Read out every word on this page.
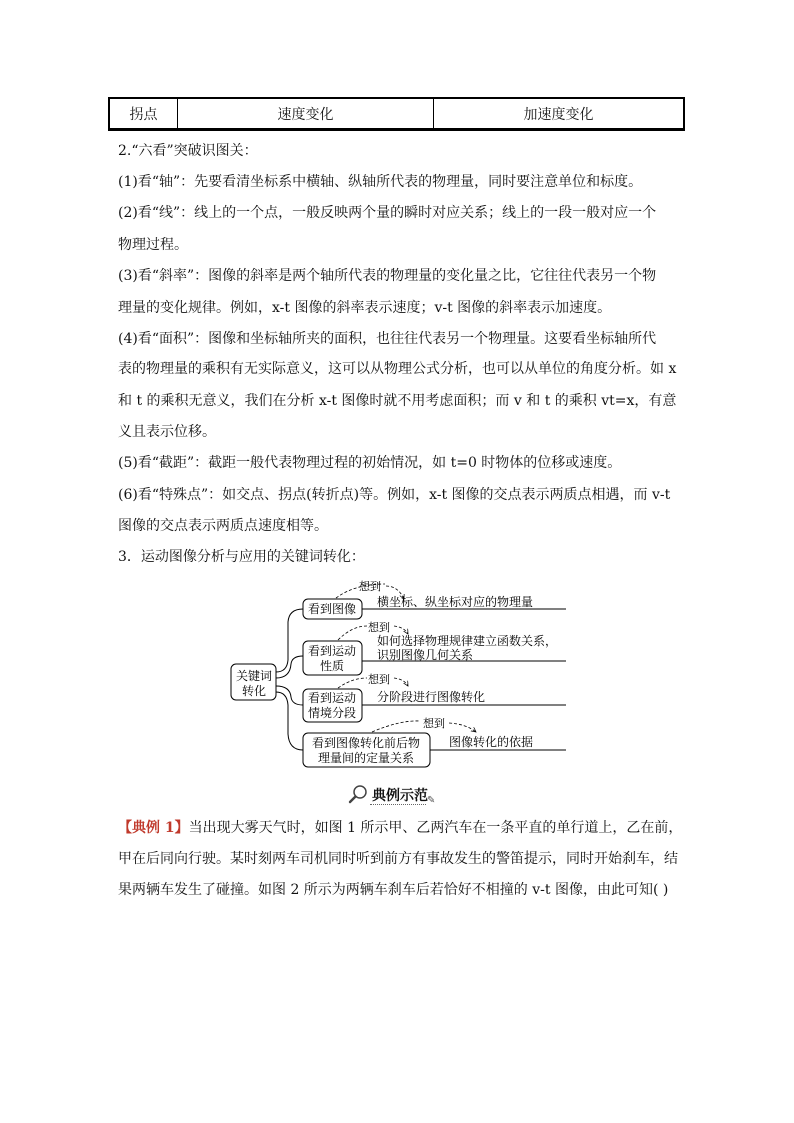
拐点	速度变化	加速度变化
2.“六看”突破识图关：
(1)看“轴”：先要看清坐标系中横轴、纵轴所代表的物理量，同时要注意单位和标度。
(2)看“线”：线上的一个点，一般反映两个量的瞬时对应关系；线上的一段一般对应一个
物理过程。
(3)看“斜率”：图像的斜率是两个轴所代表的物理量的变化量之比，它往往代表另一个物
理量的变化规律。例如，x-t 图像的斜率表示速度；v-t 图像的斜率表示加速度。
(4)看“面积”：图像和坐标轴所夹的面积，也往往代表另一个物理量。这要看坐标轴所代
表的物理量的乘积有无实际意义，这可以从物理公式分析，也可以从单位的角度分析。如 x
和 t 的乘积无意义，我们在分析 x-t 图像时就不用考虑面积；而 v 和 t 的乘积 vt=x，有意
义且表示位移。
(5)看“截距”：截距一般代表物理过程的初始情况，如 t=0 时物体的位移或速度。
(6)看“特殊点”：如交点、拐点(转折点)等。例如，x-t 图像的交点表示两质点相遇，而 v-t
图像的交点表示两质点速度相等。
3．运动图像分析与应用的关键词转化：
关键词
转化
看到图像
想到
横坐标、纵坐标对应的物理量
看到运动
性质
想到
如何选择物理规律建立函数关系，
识别图像几何关系
看到运动
情境分段
想到
分阶段进行图像转化
看到图像转化前后物
理量间的定量关系
想到
图像转化的依据
典例示范 ✎
【典例 1】当出现大雾天气时，如图 1 所示甲、乙两汽车在一条平直的单行道上，乙在前，
甲在后同向行驶。某时刻两车司机同时听到前方有事故发生的警笛提示，同时开始刹车，结
果两辆车发生了碰撞。如图 2 所示为两辆车刹车后若恰好不相撞的 v-t 图像，由此可知( )
